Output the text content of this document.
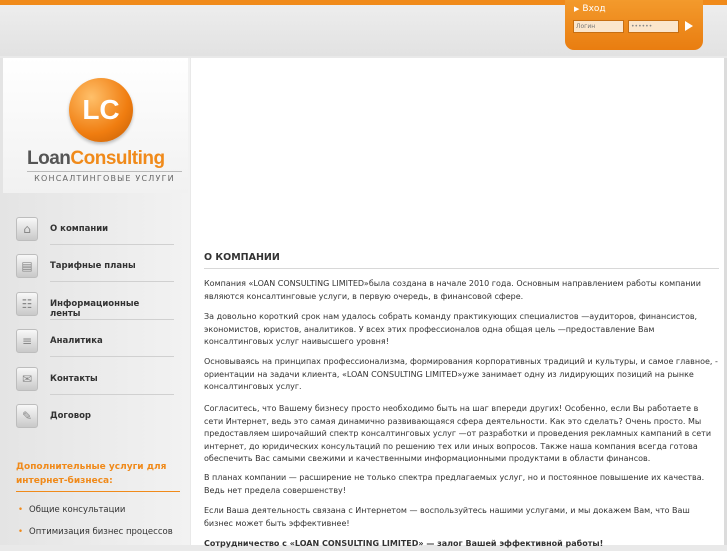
▶ Вход
Логин
••••••
LC
LoanConsulting
КОНСАЛТИНГОВЫЕ УСЛУГИ
⌂	О компании
▤	Тарифные планы
☷	Информационные ленты
≡	Аналитика
✉	Контакты
✎	Договор
Дополнительные услуги для интернет-бизнеса:
• Общие консультации
• Оптимизация бизнес процессов
О КОМПАНИИ

Компания «LOAN CONSULTING LIMITED»была создана в начале 2010 года. Основным направлением работы компании являются консалтинговые услуги, в первую очередь, в финансовой сфере.

За довольно короткий срок нам удалось собрать команду практикующих специалистов —аудиторов, финансистов, экономистов, юристов, аналитиков. У всех этих профессионалов одна общая цель —предоставление Вам консалтинговых услуг наивысшего уровня!

Основываясь на принципах профессионализма, формирования корпоративных традиций и культуры, и самое главное, - ориентации на задачи клиента, «LOAN CONSULTING LIMITED»уже занимает одну из лидирующих позиций на рынке консалтинговых услуг.

Согласитесь, что Вашему бизнесу просто необходимо быть на шаг впереди других! Особенно, если Вы работаете в сети Интернет, ведь это самая динамично развивающаяся сфера деятельности. Как это сделать? Очень просто. Мы предоставляем широчайший спектр консалтинговых услуг —от разработки и проведения рекламных кампаний в сети интернет, до юридических консультаций по решению тех или иных вопросов. Также наша компания всегда готова обеспечить Вас самыми свежими и качественными информационными продуктами в области финансов.

В планах компании — расширение не только спектра предлагаемых услуг, но и постоянное повышение их качества. Ведь нет предела совершенству!

Если Ваша деятельность связана с Интернетом — воспользуйтесь нашими услугами, и мы докажем Вам, что Ваш бизнес может быть эффективнее!

Сотрудничество с «LOAN CONSULTING LIMITED» — залог Вашей эффективной работы!
